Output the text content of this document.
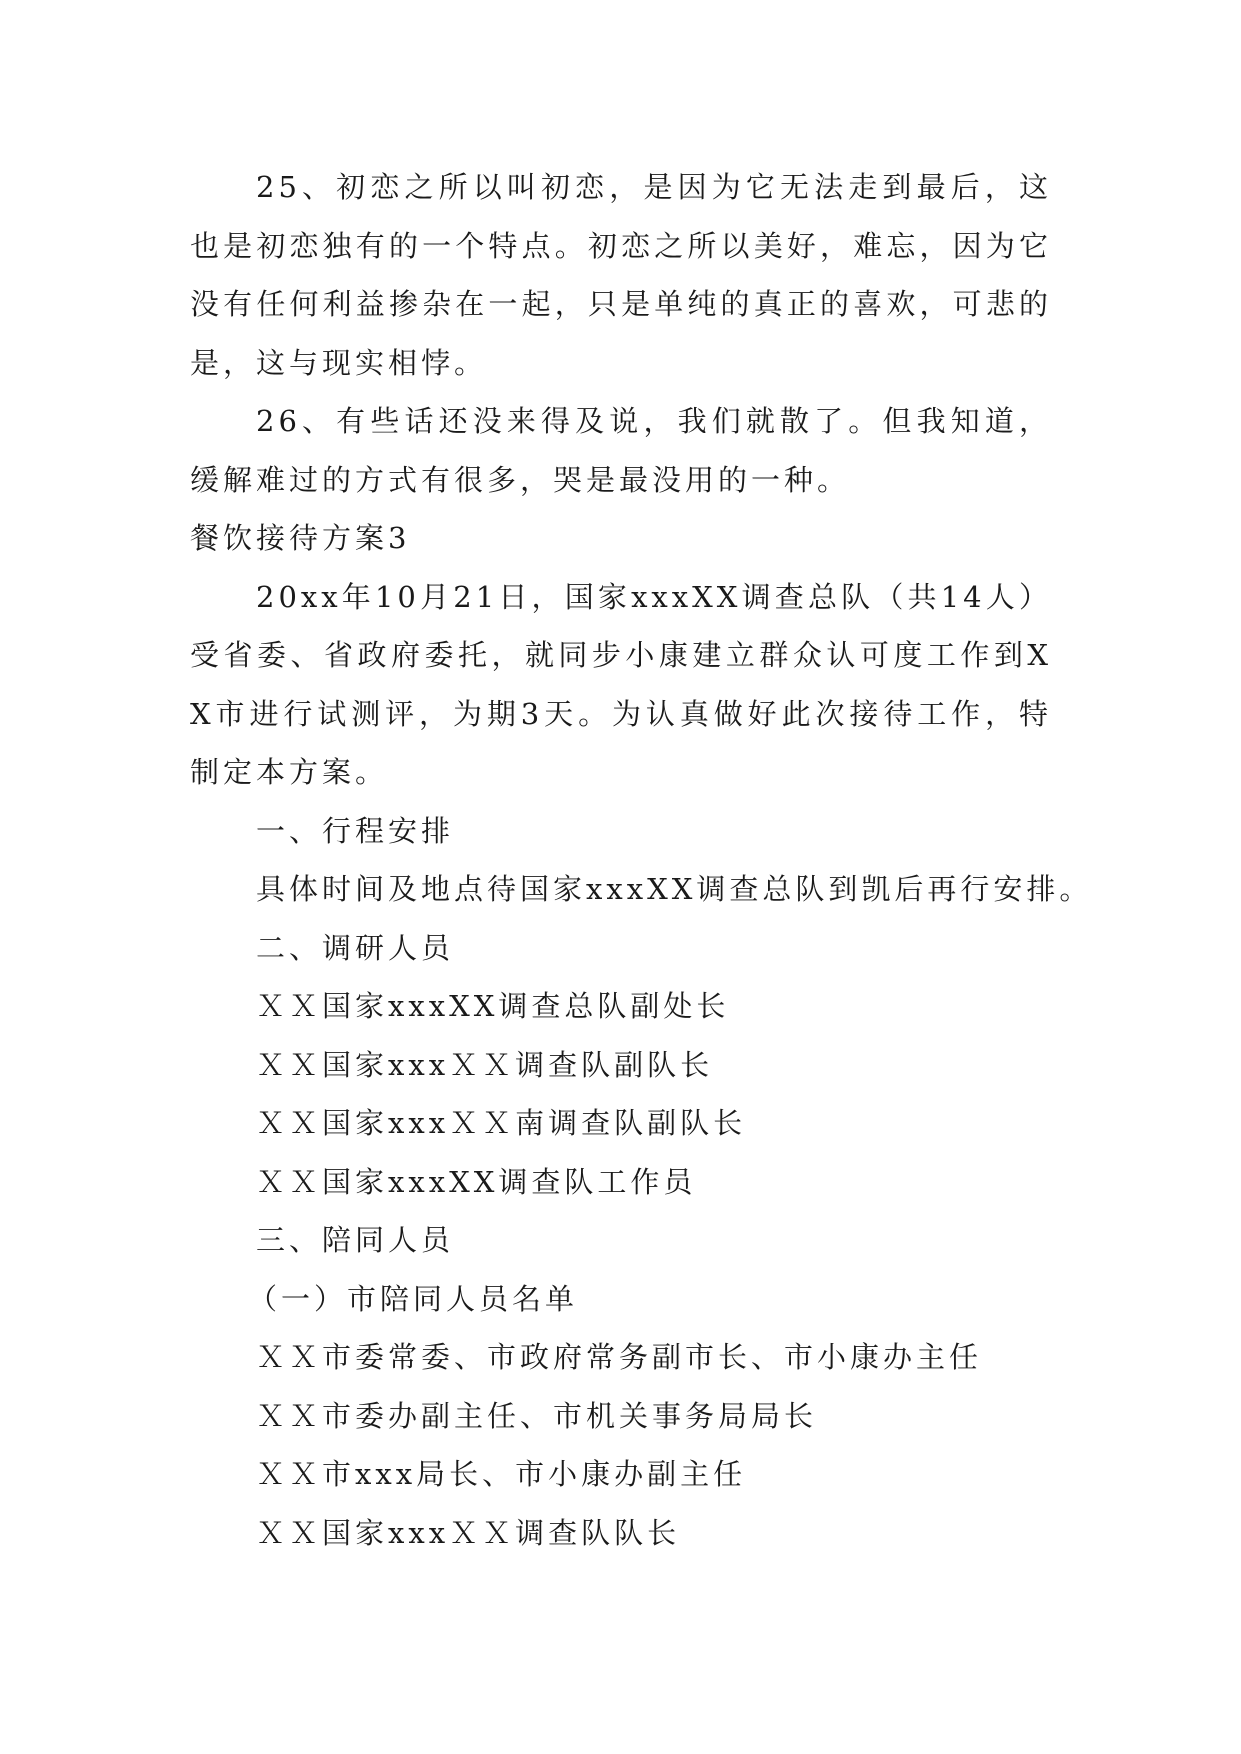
25、初恋之所以叫初恋，是因为它无法走到最后，这也是初恋独有的一个特点。初恋之所以美好，难忘，因为它没有任何利益掺杂在一起，只是单纯的真正的喜欢，可悲的是，这与现实相悖。

26、有些话还没来得及说，我们就散了。但我知道，缓解难过的方式有很多，哭是最没用的一种。

餐饮接待方案3

20xx年10月21日，国家xxxXX调查总队（共14人）受省委、省政府委托，就同步小康建立群众认可度工作到XX市进行试测评，为期3天。为认真做好此次接待工作，特制定本方案。

一、行程安排

具体时间及地点待国家xxxXX调查总队到凯后再行安排。

二、调研人员

ＸＸ国家xxxXX调查总队副处长

ＸＸ国家xxxＸＸ调查队副队长

ＸＸ国家xxxＸＸ南调查队副队长

ＸＸ国家xxxXX调查队工作员

三、陪同人员

（一）市陪同人员名单

ＸＸ市委常委、市政府常务副市长、市小康办主任

ＸＸ市委办副主任、市机关事务局局长

ＸＸ市xxx局长、市小康办副主任

ＸＸ国家xxxＸＸ调查队队长
